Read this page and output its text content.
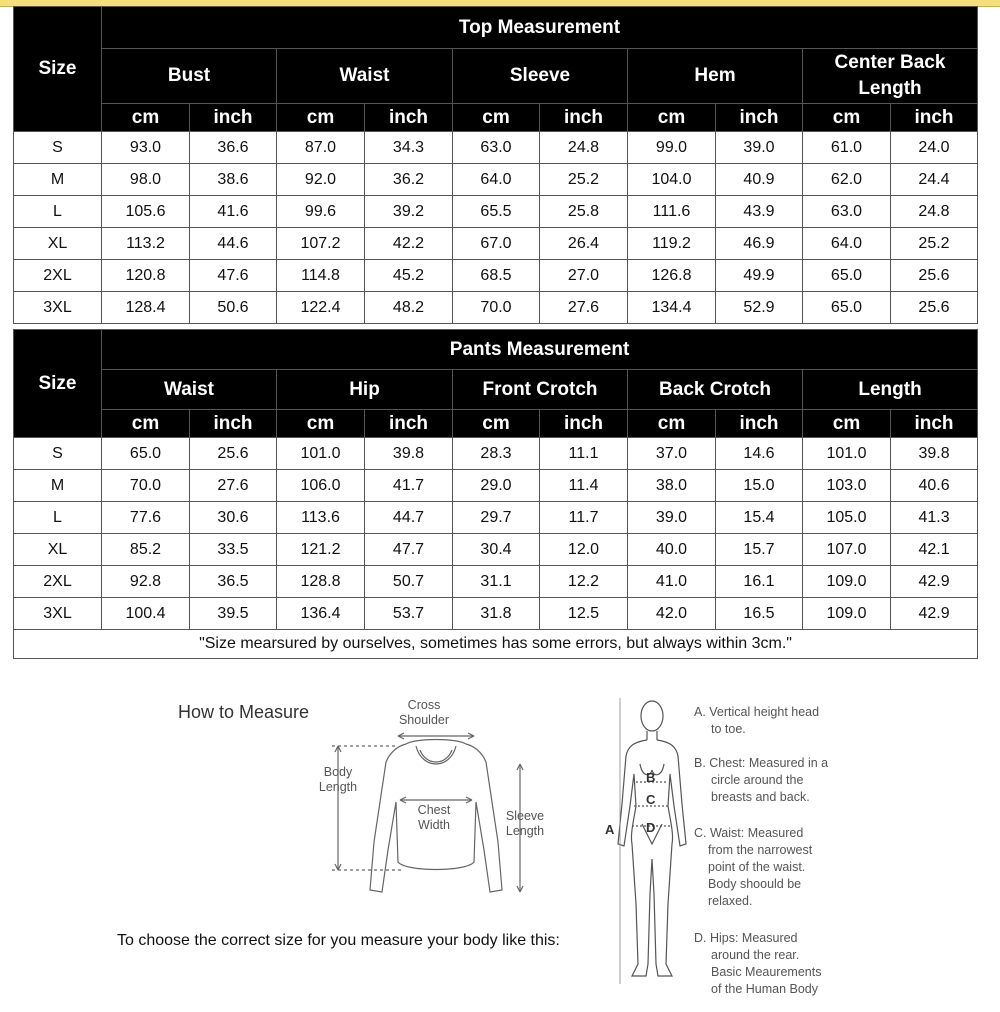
Size	Top Measurement									
	Bust		Waist		Sleeve		Hem		Center Back Length	

	cm	inch	cm	inch	cm	inch	cm	inch	cm	inch
S	93.0	36.6	87.0	34.3	63.0	24.8	99.0	39.0	61.0	24.0
M	98.0	38.6	92.0	36.2	64.0	25.2	104.0	40.9	62.0	24.4
L	105.6	41.6	99.6	39.2	65.5	25.8	111.6	43.9	63.0	24.8
XL	113.2	44.6	107.2	42.2	67.0	26.4	119.2	46.9	64.0	25.2
2XL	120.8	47.6	114.8	45.2	68.5	27.0	126.8	49.9	65.0	25.6
3XL	128.4	50.6	122.4	48.2	70.0	27.6	134.4	52.9	65.0	25.6
Size	Pants Measurement									
	Waist		Hip		Front Crotch		Back Crotch		Length	
	cm	inch	cm	inch	cm	inch	cm	inch	cm	inch
S	65.0	25.6	101.0	39.8	28.3	11.1	37.0	14.6	101.0	39.8
M	70.0	27.6	106.0	41.7	29.0	11.4	38.0	15.0	103.0	40.6
L	77.6	30.6	113.6	44.7	29.7	11.7	39.0	15.4	105.0	41.3
XL	85.2	33.5	121.2	47.7	30.4	12.0	40.0	15.7	107.0	42.1
2XL	92.8	36.5	128.8	50.7	31.1	12.2	41.0	16.1	109.0	42.9
3XL	100.4	39.5	136.4	53.7	31.8	12.5	42.0	16.5	109.0	42.9
"Size mearsured by ourselves, sometimes has some errors, but always within 3cm."										
How to Measure	Cross
Shoulder
Body
Length
Chest
Width
Sleeve
Length
To choose the correct size for you measure your body like this:
B
C
D
A
A. Vertical height head
to toe.
B. Chest: Measured in a
circle around the
breasts and back.
C. Waist: Measured
from the narrowest
point of the waist.
Body shoould be
relaxed.
D. Hips: Measured
around the rear.
Basic Meaurements
of the Human Body
